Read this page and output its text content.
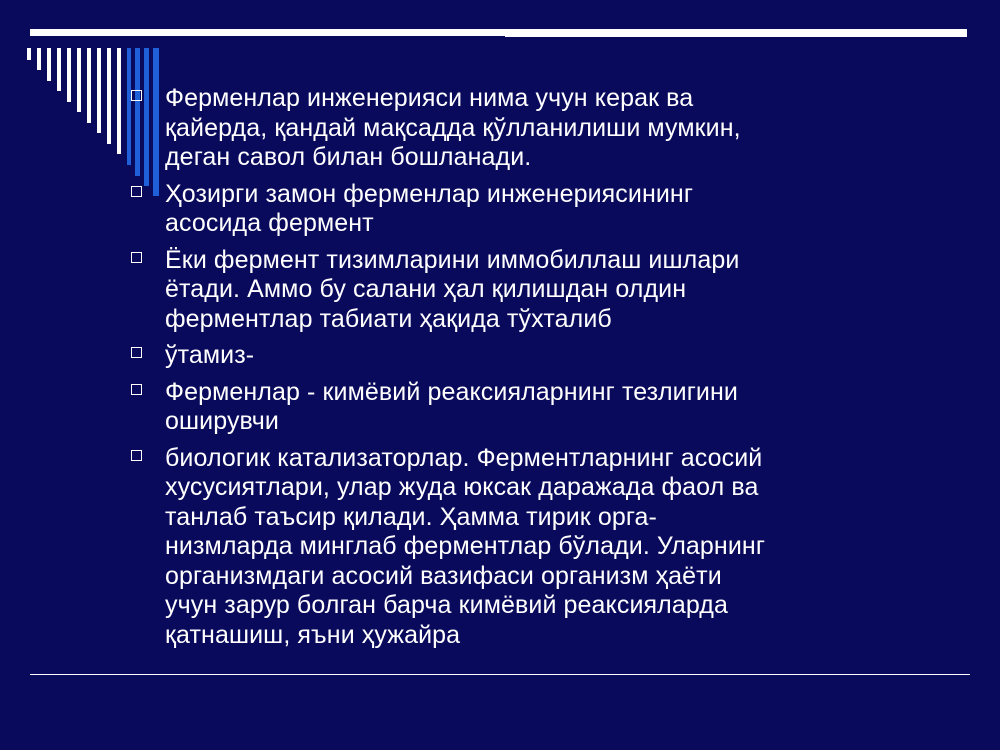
Ферменлар инженерияси нима учун керак ва
қайерда, қандай мақсадда қўлланилиши мумкин,
деган савол билан бошланади.
Ҳозирги замон ферменлар инженериясининг
асосида фермент
Ёки фермент тизимларини иммобиллаш ишлари
ётади. Аммо бу салани ҳал қилишдан олдин
ферментлар табиати ҳақида тўхталиб
ўтамиз-
Ферменлар - кимёвий реаксияларнинг тезлигини
оширувчи
биологик катализаторлар. Ферментларнинг асосий
хусусиятлари, улар жуда юксак даражада фаол ва
танлаб таъсир қилади. Ҳамма тирик орга-
низмларда минглаб ферментлар бўлади. Уларнинг
организмдаги асосий вазифаси организм ҳаёти
учун зарур болган барча кимёвий реаксияларда
қатнашиш, яъни ҳужайра
